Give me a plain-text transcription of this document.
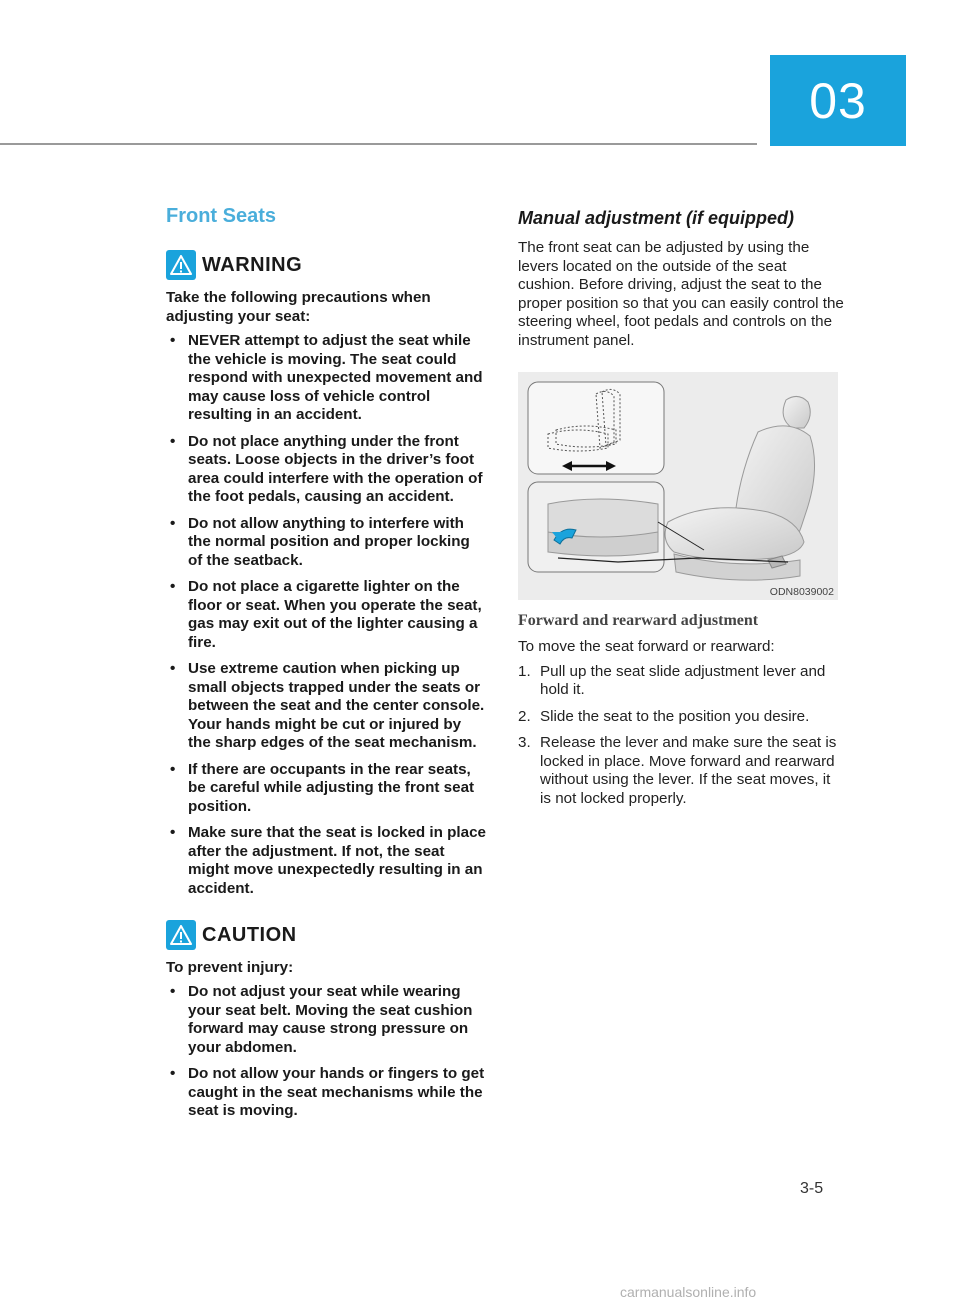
03
Front Seats
WARNING

Take the following precautions when adjusting your seat:

• NEVER attempt to adjust the seat while the vehicle is moving. The seat could respond with unexpected movement and may cause loss of vehicle control resulting in an accident.
• Do not place anything under the front seats. Loose objects in the driver’s foot area could interfere with the operation of the foot pedals, causing an accident.
• Do not allow anything to interfere with the normal position and proper locking of the seatback.
• Do not place a cigarette lighter on the floor or seat. When you operate the seat, gas may exit out of the lighter causing a fire.
• Use extreme caution when picking up small objects trapped under the seats or between the seat and the center console. Your hands might be cut or injured by the sharp edges of the seat mechanism.
• If there are occupants in the rear seats, be careful while adjusting the front seat position.
• Make sure that the seat is locked in place after the adjustment. If not, the seat might move unexpectedly resulting in an accident.
CAUTION

To prevent injury:

• Do not adjust your seat while wearing your seat belt. Moving the seat cushion forward may cause strong pressure on your abdomen.
• Do not allow your hands or fingers to get caught in the seat mechanisms while the seat is moving.
Manual adjustment (if equipped)

The front seat can be adjusted by using the levers located on the outside of the seat cushion. Before driving, adjust the seat to the proper position so that you can easily control the steering wheel, foot pedals and controls on the instrument panel.

ODN8039002
Forward and rearward adjustment

To move the seat forward or rearward:

1. Pull up the seat slide adjustment lever and hold it.
2. Slide the seat to the position you desire.
3. Release the lever and make sure the seat is locked in place. Move forward and rearward without using the lever. If the seat moves, it is not locked properly.
3-5
carmanualsonline.info
